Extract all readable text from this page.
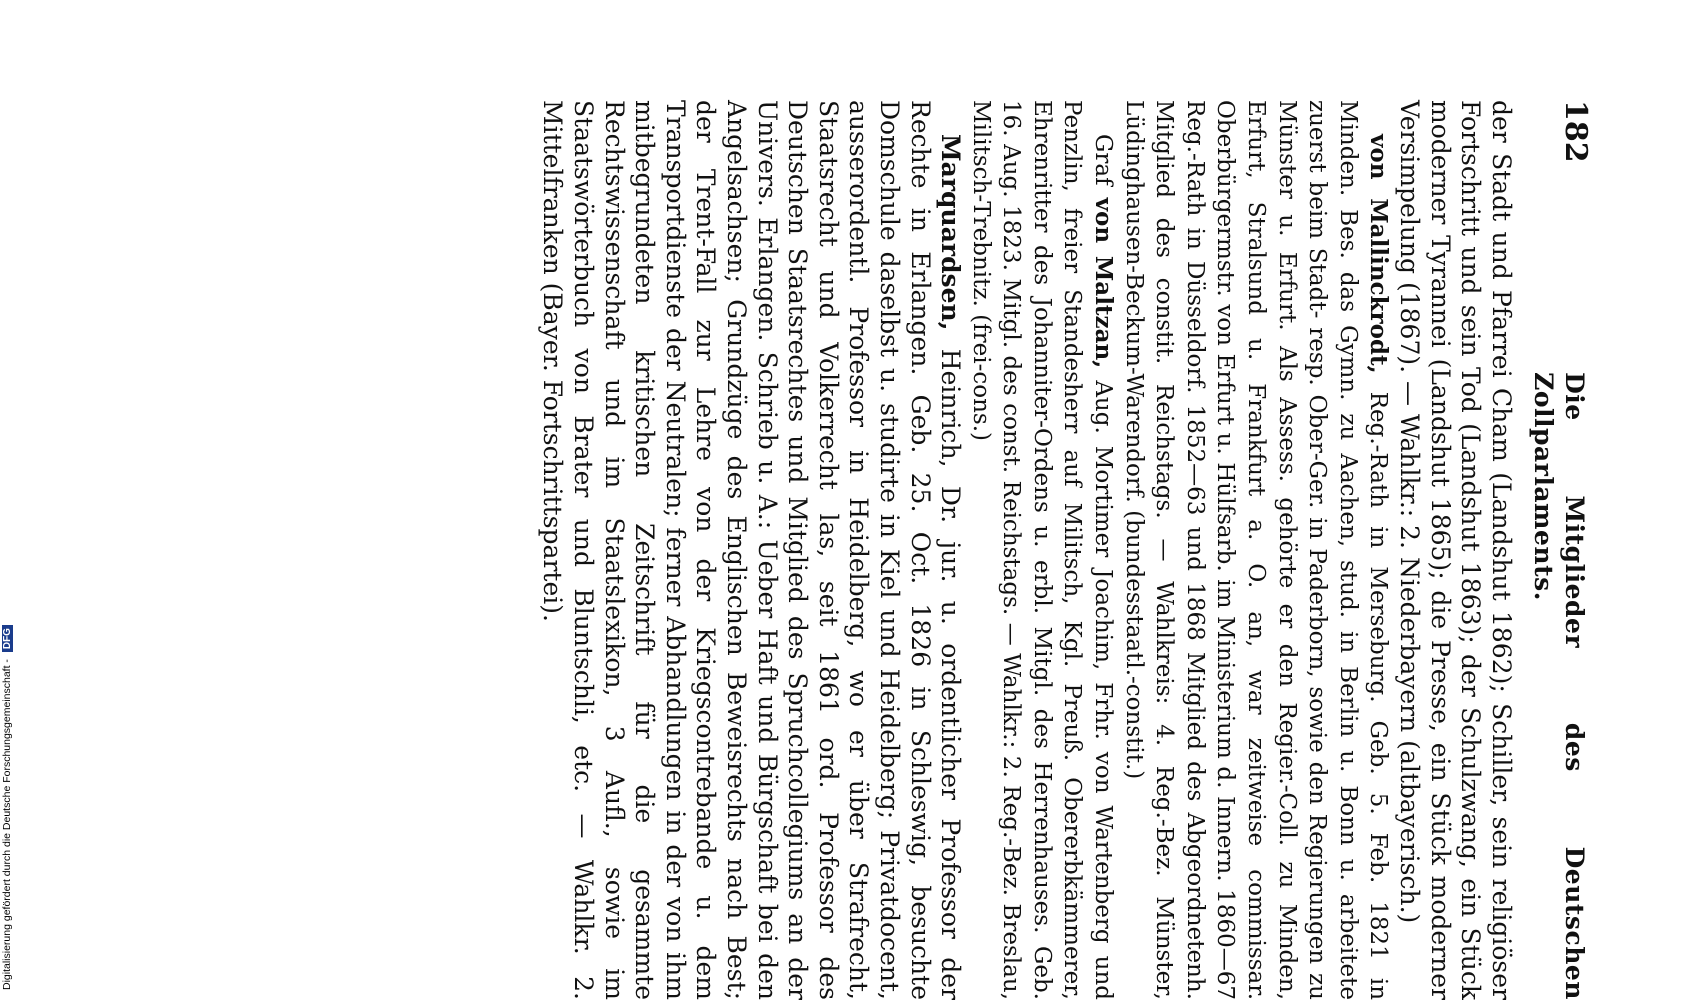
182
Die Mitglieder des Deutschen Zollparlaments.

der Stadt und Pfarrei Cham (Landshut 1862); Schiller, sein religiöser Fortschritt und sein Tod (Landshut 1863); der Schulzwang, ein Stück moderner Tyrannei (Landshut 1865); die Presse, ein Stück moderner Versimpelung (1867). — Wahlkr.: 2. Niederbayern (altbayerisch.)

von Mallinckrodt, Reg.-Rath in Merseburg. Geb. 5. Feb. 1821 in Minden. Bes. das Gymn. zu Aachen, stud. in Berlin u. Bonn u. arbeitete zuerst beim Stadt- resp. Ober-Ger. in Paderborn, sowie den Regierungen zu Münster u. Erfurt. Als Assess. gehörte er den Regier.-Coll. zu Minden, Erfurt, Stralsund u. Frankfurt a. O. an, war zeitweise commissar. Oberbürgermstr. von Erfurt u. Hülfsarb. im Ministerium d. Innern. 1860—67 Reg.-Rath in Düsseldorf. 1852—63 und 1868 Mitglied des Abgeordnetenh. Mitglied des constit. Reichstags. — Wahlkreis: 4. Reg.-Bez. Münster, Lüdinghausen-Beckum-Warendorf. (bundesstaatl.-constit.)

Graf von Maltzan, Aug. Mortimer Joachim, Frhr. von Wartenberg und Penzlin, freier Standesherr auf Militsch, Kgl. Preuß. Obererbkämmerer, Ehrenritter des Johanniter-Ordens u. erbl. Mitgl. des Herrenhauses. Geb. 16. Aug. 1823. Mitgl. des const. Reichstags. — Wahlkr.: 2. Reg.-Bez. Breslau, Militsch-Trebnitz. (frei-cons.)

Marquardsen, Heinrich, Dr. jur. u. ordentlicher Professor der Rechte in Erlangen. Geb. 25. Oct. 1826 in Schleswig, besuchte Domschule daselbst u. studirte in Kiel und Heidelberg; Privatdocent, ausserordentl. Professor in Heidelberg, wo er über Strafrecht, Staatsrecht und Volkerrecht las, seit 1861 ord. Professor des Deutschen Staatsrechtes und Mitglied des Spruchcollegiums an der Univers. Erlangen. Schrieb u. A.: Ueber Haft und Bürgschaft bei den Angelsachsen; Grundzüge des Englischen Beweisrechts nach Best; der Trent-Fall zur Lehre von der Kriegscontrebande u. dem Transportdienste der Neutralen; ferner Abhandlungen in der von ihm mitbegrundeten kritischen Zeitschrift für die gesammte Rechtswissenschaft und im Staatslexikon, 3 Aufl., sowie im Staatswörterbuch von Brater und Bluntschli, etc. — Wahlkr. 2. Mittelfranken (Bayer. Fortschrittspartei).

Digitalisierung gefördert durch die Deutsche Forschungsgemeinschaft - DFG
